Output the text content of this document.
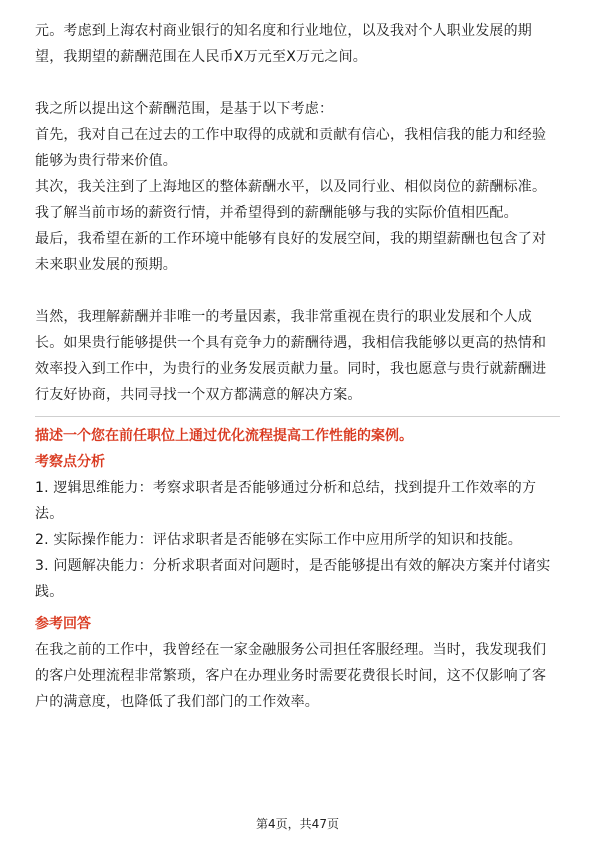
元。考虑到上海农村商业银行的知名度和行业地位，以及我对个人职业发展的期

望，我期望的薪酬范围在人民币X万元至X万元之间。

我之所以提出这个薪酬范围，是基于以下考虑：

首先，我对自己在过去的工作中取得的成就和贡献有信心，我相信我的能力和经验

能够为贵行带来价值。

其次，我关注到了上海地区的整体薪酬水平，以及同行业、相似岗位的薪酬标准。

我了解当前市场的薪资行情，并希望得到的薪酬能够与我的实际价值相匹配。

最后，我希望在新的工作环境中能够有良好的发展空间，我的期望薪酬也包含了对

未来职业发展的预期。

当然，我理解薪酬并非唯一的考量因素，我非常重视在贵行的职业发展和个人成

长。如果贵行能够提供一个具有竞争力的薪酬待遇，我相信我能够以更高的热情和

效率投入到工作中，为贵行的业务发展贡献力量。同时，我也愿意与贵行就薪酬进

行友好协商，共同寻找一个双方都满意的解决方案。

描述一个您在前任职位上通过优化流程提高工作性能的案例。

考察点分析

1. 逻辑思维能力：考察求职者是否能够通过分析和总结，找到提升工作效率的方

法。

2. 实际操作能力：评估求职者是否能够在实际工作中应用所学的知识和技能。

3. 问题解决能力：分析求职者面对问题时，是否能够提出有效的解决方案并付诸实

践。

参考回答

在我之前的工作中，我曾经在一家金融服务公司担任客服经理。当时，我发现我们

的客户处理流程非常繁琐，客户在办理业务时需要花费很长时间，这不仅影响了客

户的满意度，也降低了我们部门的工作效率。

第4页，共47页
